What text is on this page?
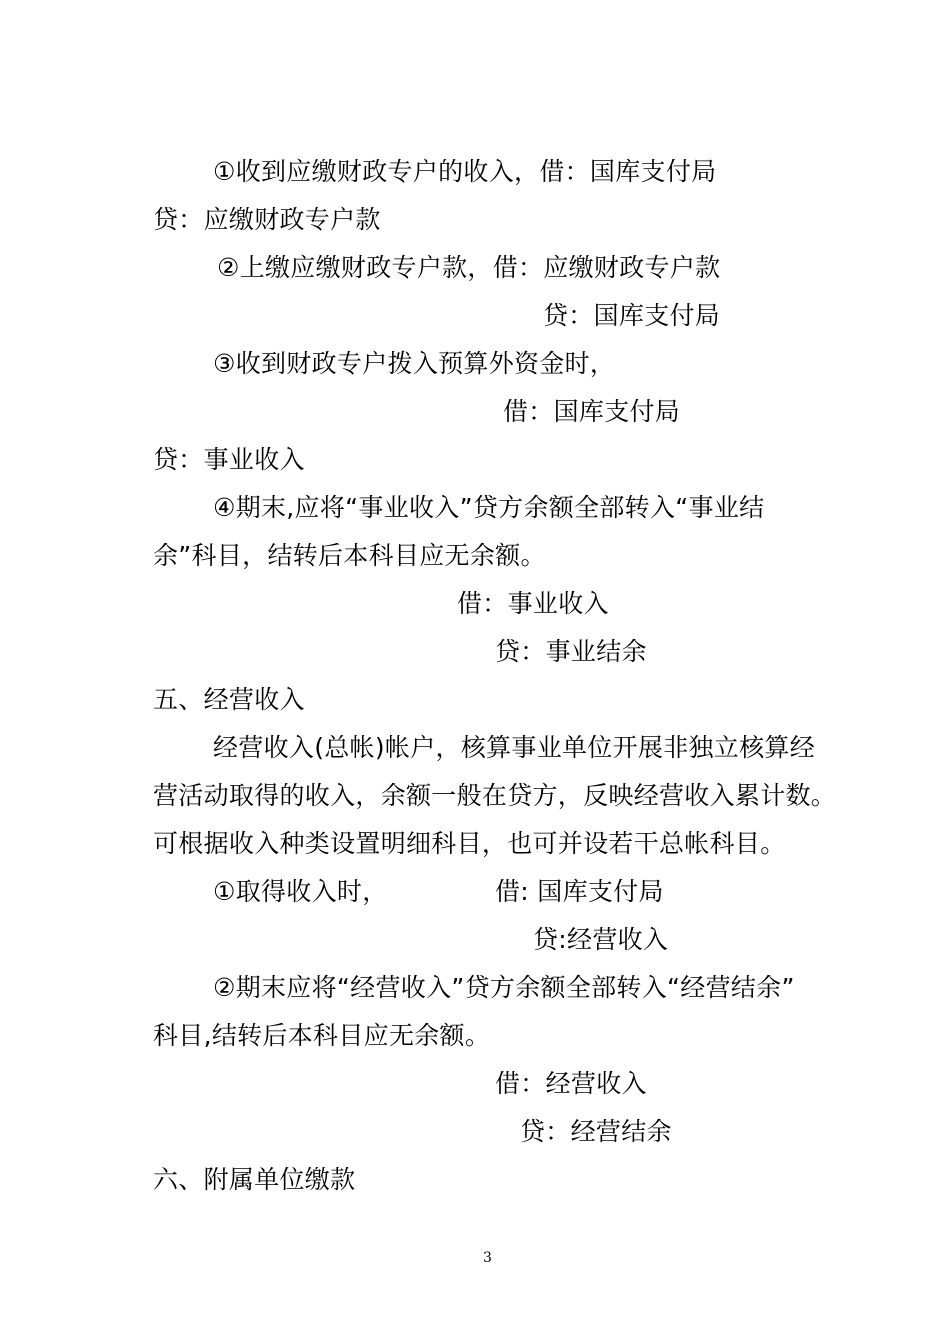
①收到应缴财政专户的收入，借：国库支付局
贷：应缴财政专户款
②上缴应缴财政专户款，借：应缴财政专户款
贷：国库支付局
③收到财政专户拨入预算外资金时，
借：国库支付局
贷：事业收入
④期末,应将“事业收入”贷方余额全部转入“事业结
余”科目，结转后本科目应无余额。
借：事业收入
贷：事业结余
五、经营收入
经营收入(总帐)帐户，核算事业单位开展非独立核算经
营活动取得的收入，余额一般在贷方，反映经营收入累计数。
可根据收入种类设置明细科目，也可并设若干总帐科目。
①取得收入时，	借: 国库支付局
贷:经营收入
②期末应将“经营收入”贷方余额全部转入“经营结余”
科目,结转后本科目应无余额。
借：经营收入
贷：经营结余
六、附属单位缴款
3
